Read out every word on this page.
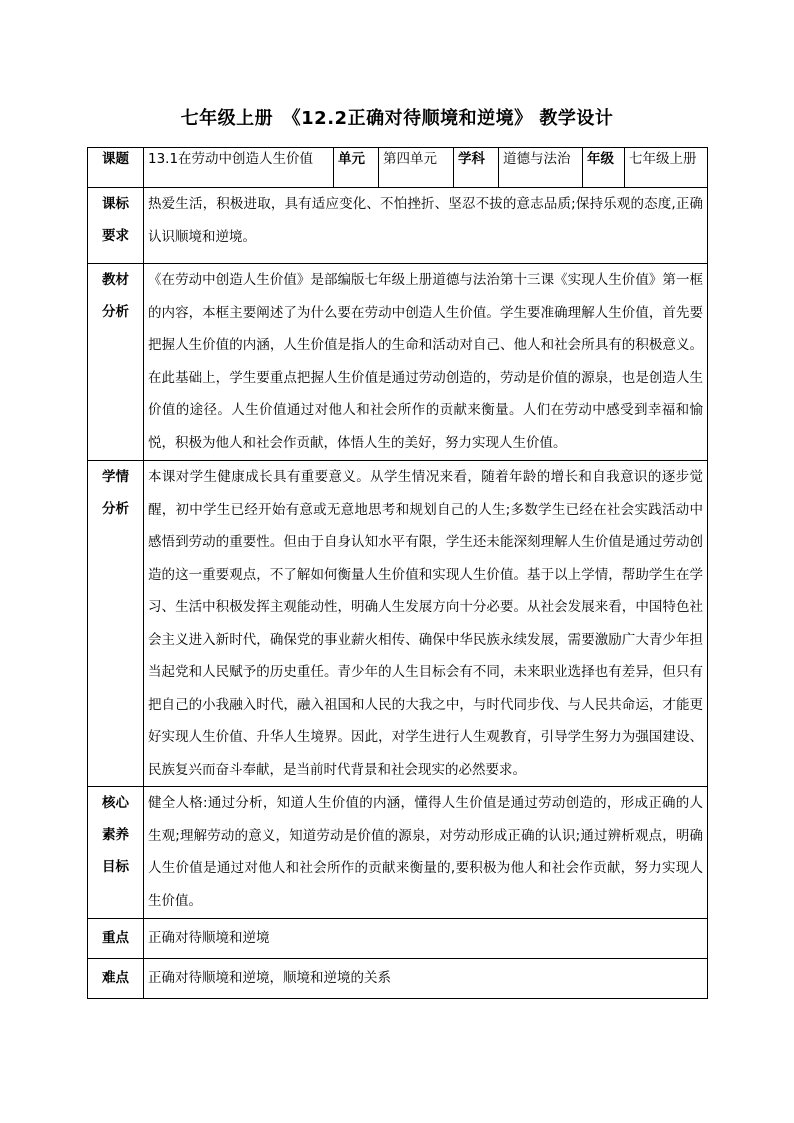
七年级上册　《12.2正确对待顺境和逆境》 教学设计
课题	13.1在劳动中创造人生价值	单元	第四单元	学科	道德与法治	年级	七年级上册
课标要求	热爱生活，积极进取，具有适应变化、不怕挫折、坚忍不拔的意志品质;保持乐观的态度,正确认识顺境和逆境。						
教材分析	《在劳动中创造人生价值》是部编版七年级上册道德与法治第十三课《实现人生价值》第一框的内容，本框主要阐述了为什么要在劳动中创造人生价值。学生要准确理解人生价值，首先要把握人生价值的内涵，人生价值是指人的生命和活动对自己、他人和社会所具有的积极意义。在此基础上，学生要重点把握人生价值是通过劳动创造的，劳动是价值的源泉，也是创造人生价值的途径。人生价值通过对他人和社会所作的贡献来衡量。人们在劳动中感受到幸福和愉悦，积极为他人和社会作贡献，体悟人生的美好，努力实现人生价值。						
学情分析	本课对学生健康成长具有重要意义。从学生情况来看，随着年龄的增长和自我意识的逐步觉醒，初中学生已经开始有意或无意地思考和规划自己的人生;多数学生已经在社会实践活动中感悟到劳动的重要性。但由于自身认知水平有限，学生还未能深刻理解人生价值是通过劳动创造的这一重要观点，不了解如何衡量人生价值和实现人生价值。基于以上学情，帮助学生在学习、生活中积极发挥主观能动性，明确人生发展方向十分必要。从社会发展来看，中国特色社会主义进入新时代，确保党的事业薪火相传、确保中华民族永续发展，需要激励广大青少年担当起党和人民赋予的历史重任。青少年的人生目标会有不同，未来职业选择也有差异，但只有把自己的小我融入时代，融入祖国和人民的大我之中，与时代同步伐、与人民共命运，才能更好实现人生价值、升华人生境界。因此，对学生进行人生观教育，引导学生努力为强国建设、民族复兴而奋斗奉献，是当前时代背景和社会现实的必然要求。						
核心素养目标	健全人格:通过分析，知道人生价值的内涵，懂得人生价值是通过劳动创造的，形成正确的人生观;理解劳动的意义，知道劳动是价值的源泉，对劳动形成正确的认识;通过辨析观点，明确人生价值是通过对他人和社会所作的贡献来衡量的,要积极为他人和社会作贡献，努力实现人生价值。						
重点	正确对待顺境和逆境						
难点	正确对待顺境和逆境，顺境和逆境的关系						
